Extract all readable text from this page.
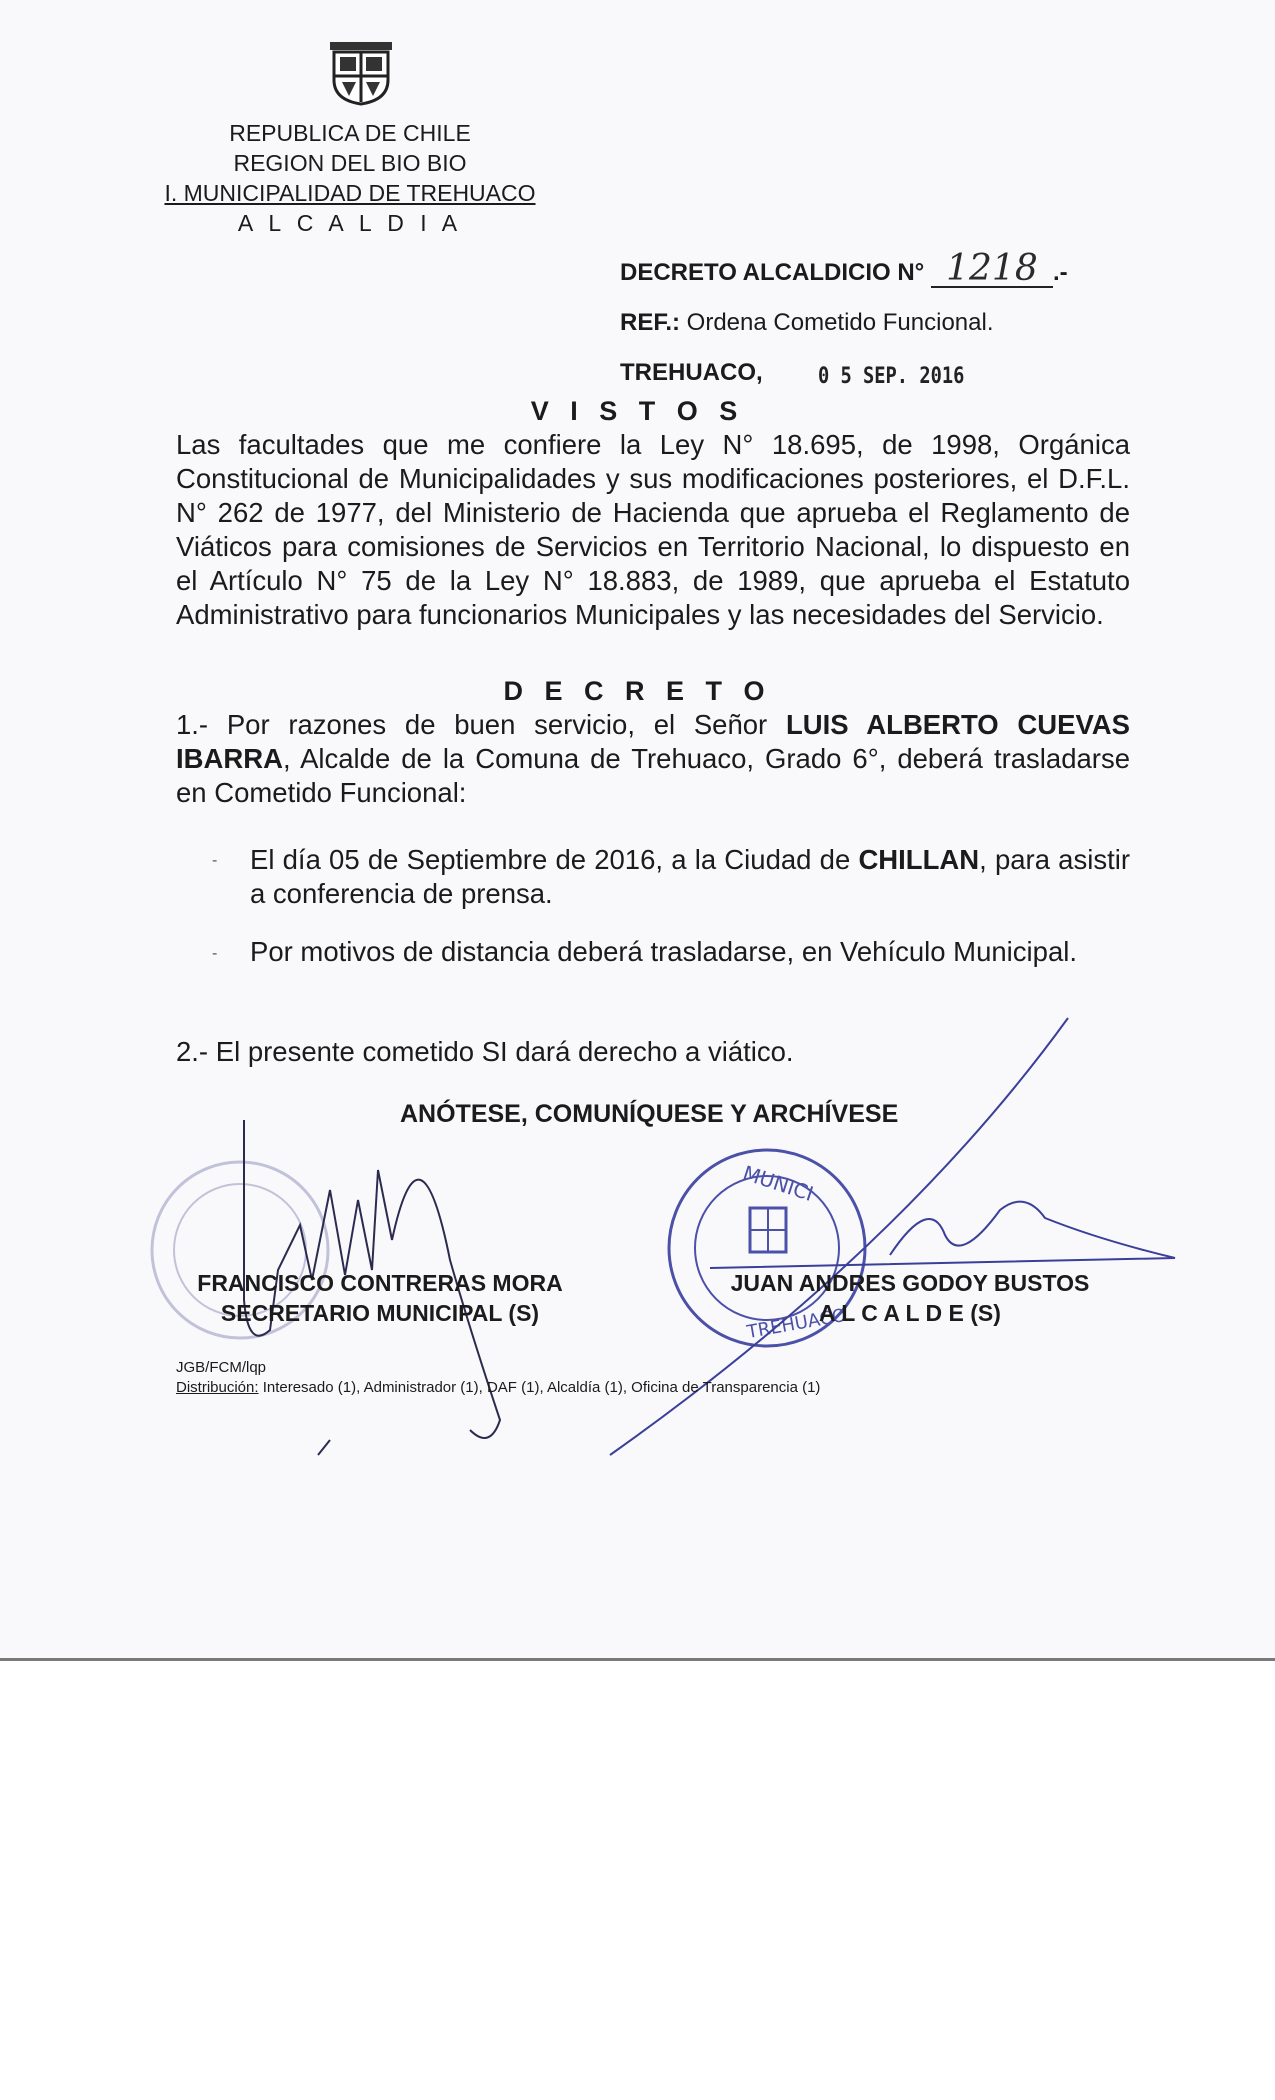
REPUBLICA DE CHILE
REGION DEL BIO BIO
I. MUNICIPALIDAD DE TREHUACO
A L C A L D I A
DECRETO ALCALDICIO N° 1218 .-
REF.: Ordena Cometido Funcional.
TREHUACO,	0 5 SEP. 2016
V I S T O S
Las facultades que me confiere la Ley N° 18.695, de 1998, Orgánica Constitucional de Municipalidades y sus modificaciones posteriores, el D.F.L. N° 262 de 1977, del Ministerio de Hacienda que aprueba el Reglamento de Viáticos para comisiones de Servicios en Territorio Nacional, lo dispuesto en el Artículo N° 75 de la Ley N° 18.883, de 1989, que aprueba el Estatuto Administrativo para funcionarios Municipales y las necesidades del Servicio.
D E C R E T O
1.- Por razones de buen servicio, el Señor LUIS ALBERTO CUEVAS IBARRA, Alcalde de la Comuna de Trehuaco, Grado 6°, deberá trasladarse en Cometido Funcional:
- El día 05 de Septiembre de 2016, a la Ciudad de CHILLAN, para asistir a conferencia de prensa.
- Por motivos de distancia deberá trasladarse, en Vehículo Municipal.
2.- El presente cometido SI dará derecho a viático.
ANÓTESE, COMUNÍQUESE Y ARCHÍVESE
MUNICI
TREHUACO
FRANCISCO CONTRERAS MORA
SECRETARIO MUNICIPAL (S)
JUAN ANDRES GODOY BUSTOS
A L C A L D E (S)
JGB/FCM/lqp
Distribución: Interesado (1), Administrador (1), DAF (1), Alcaldía (1), Oficina de Transparencia (1)
